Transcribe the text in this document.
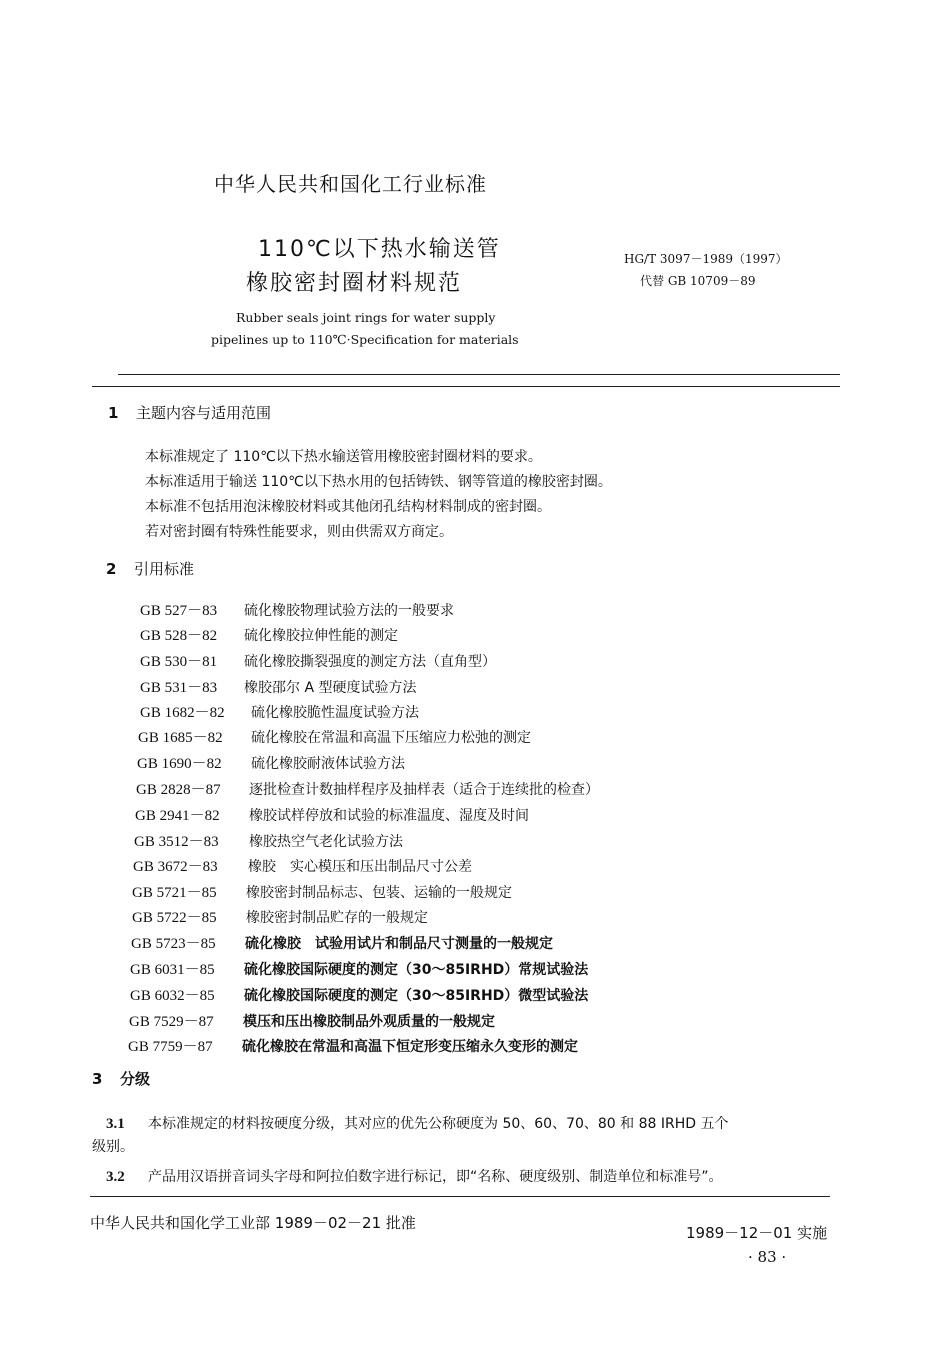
中华人民共和国化工行业标准
110℃以下热水输送管
橡胶密封圈材料规范
HG/T 3097－1989（1997）
代替 GB 10709－89
Rubber seals joint rings for water supply
pipelines up to 110℃·Specification for materials
1 主题内容与适用范围
本标准规定了 110℃以下热水输送管用橡胶密封圈材料的要求。
本标准适用于输送 110℃以下热水用的包括铸铁、钢等管道的橡胶密封圈。
本标准不包括用泡沫橡胶材料或其他闭孔结构材料制成的密封圈。
若对密封圈有特殊性能要求，则由供需双方商定。
2 引用标准
GB 527－83 硫化橡胶物理试验方法的一般要求
GB 528－82 硫化橡胶拉伸性能的测定
GB 530－81 硫化橡胶撕裂强度的测定方法（直角型）
GB 531－83 橡胶邵尔 A 型硬度试验方法
GB 1682－82 硫化橡胶脆性温度试验方法
GB 1685－82 硫化橡胶在常温和高温下压缩应力松弛的测定
GB 1690－82 硫化橡胶耐液体试验方法
GB 2828－87 逐批检查计数抽样程序及抽样表（适合于连续批的检查）
GB 2941－82 橡胶试样停放和试验的标准温度、湿度及时间
GB 3512－83 橡胶热空气老化试验方法
GB 3672－83 橡胶　实心模压和压出制品尺寸公差
GB 5721－85 橡胶密封制品标志、包装、运输的一般规定
GB 5722－85 橡胶密封制品贮存的一般规定
GB 5723－85 硫化橡胶　试验用试片和制品尺寸测量的一般规定
GB 6031－85 硫化橡胶国际硬度的测定（30～85IRHD）常规试验法
GB 6032－85 硫化橡胶国际硬度的测定（30～85IRHD）微型试验法
GB 7529－87 模压和压出橡胶制品外观质量的一般规定
GB 7759－87 硫化橡胶在常温和高温下恒定形变压缩永久变形的测定
3 分级
3.1 本标准规定的材料按硬度分级，其对应的优先公称硬度为 50、60、70、80 和 88 IRHD 五个
级别。
3.2 产品用汉语拼音词头字母和阿拉伯数字进行标记，即“名称、硬度级别、制造单位和标准号”。
中华人民共和国化学工业部 1989－02－21 批准
1989－12－01 实施
· 83 ·
